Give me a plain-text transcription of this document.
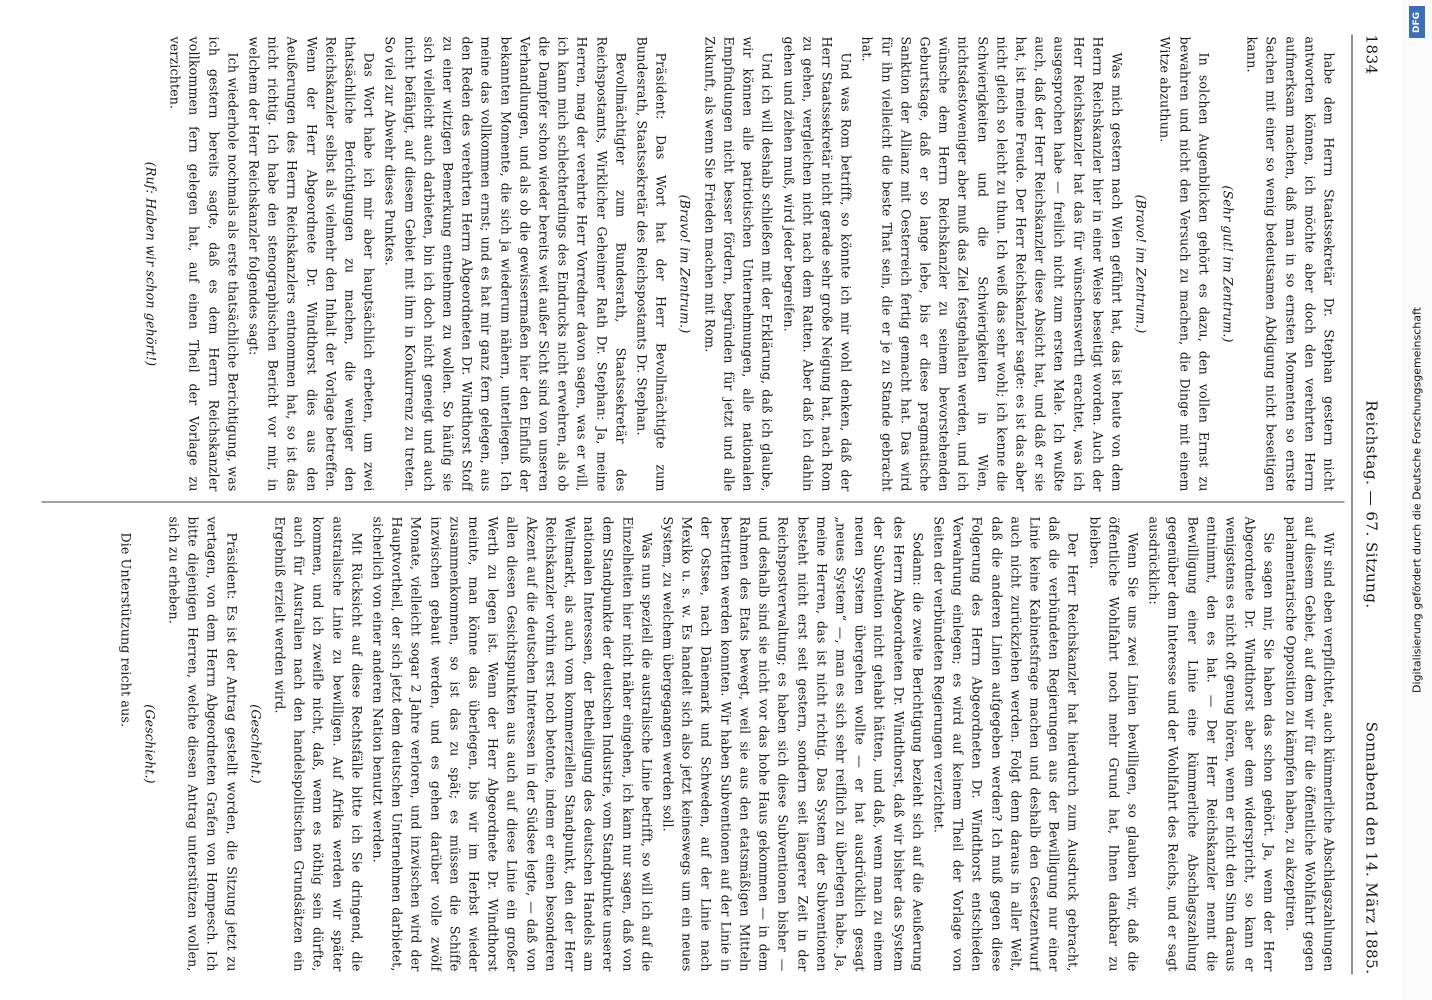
1834
Reichstag. — 67. Sitzung.
Sonnabend den 14. März 1885.

habe dem Herrn Staatssekretär Dr. Stephan gestern nicht antworten können, ich möchte aber doch den verehrten Herrn aufmerksam machen, daß man in so ernsten Momenten so ernste Sachen mit einer so wenig bedeutsamen Abdigung nicht beseitigen kann.

(Sehr gut! im Zentrum.)

In solchen Augenblicken gehört es dazu, den vollen Ernst zu bewahren und nicht den Versuch zu machen, die Dinge mit einem Witze abzuthun.

(Bravo! im Zentrum.)

Was mich gestern nach Wien geführt hat, das ist heute von dem Herrn Reichskanzler hier in einer Weise beseitigt worden. Auch der Herr Reichskanzler hat das für wünschenswerth erachtet, was ich ausgesprochen habe — freilich nicht zum ersten Male. Ich wußte auch, daß der Herr Reichskanzler diese Absicht hat, und daß er sie hat, ist meine Freude. Der Herr Reichskanzler sagte: es ist das aber nicht gleich so leicht zu thun. Ich weiß das sehr wohl; ich kenne die Schwierigkeiten und die Schwierigkeiten in Wien, nichtsdestoweniger aber muß das Ziel festgehalten werden, und ich wünsche dem Herrn Reichskanzler zu seinem bevorstehenden Geburtstage, daß er so lange lebe, bis er diese pragmatische Sanktion der Allianz mit Oesterreich fertig gemacht hat. Das wird für ihn vielleicht die beste That sein, die er je zu Stande gebracht hat.

Und was Rom betrifft, so könnte ich mir wohl denken, daß der Herr Staatssekretär nicht gerade sehr große Neigung hat, nach Rom zu gehen, vergleichen nicht nach dem Ratten. Aber daß ich dahin gehen und ziehen muß, wird jeder begreifen.

Und ich will deshalb schließen mit der Erklärung, daß ich glaube, wir können alle patriotischen Unternehmungen, alle nationalen Empfindungen nicht besser fördern, begründen für jetzt und alle Zukunft, als wenn Sie Frieden machen mit Rom.

(Bravo! im Zentrum.)

Präsident: Das Wort hat der Herr Bevollmächtigte zum Bundesrath, Staatssekretär des Reichspostamts Dr. Stephan.

Bevollmächtigter zum Bundesrath, Staatssekretär des Reichspostamts, Wirklicher Geheimer Rath Dr. Stephan: Ja, meine Herren, mag der verehrte Herr Vorredner davon sagen, was er will, ich kann mich schlechterdings des Eindrucks nicht erwehren, als ob die Dampfer schon wieder bereits weit außer Sicht sind von unseren Verhandlungen, und als ob die gewissermaßen hier den Einfluß der bekannten Momente, die sich ja wiederum nähern, unterliegen. Ich meine das vollkommen ernst; und es hat mir ganz fern gelegen, aus den Reden des verehrten Herrn Abgeordneten Dr. Windthorst Stoff zu einer witzigen Bemerkung entnehmen zu wollen. So häufig sie sich vielleicht auch darbieten, bin ich doch nicht geneigt und auch nicht befähigt, auf diesem Gebiet mit ihm in Konkurrenz zu treten. So viel zur Abwehr dieses Punktes.

Das Wort habe ich mir aber hauptsächlich erbeten, um zwei thatsächliche Berichtigungen zu machen, die weniger den Reichskanzler selbst als vielmehr den Inhalt der Vorlage betreffen. Wenn der Herr Abgeordnete Dr. Windthorst dies aus den Aeußerungen des Herrn Reichskanzlers entnommen hat, so ist das nicht richtig. Ich habe den stenographischen Bericht vor mir, in welchem der Herr Reichskanzler folgendes sagt:

Ich wiederhole nochmals als erste thatsächliche Berichtigung, was ich gestern bereits sagte, daß es dem Herrn Reichskanzler vollkommen fern gelegen hat, auf einen Theil der Vorlage zu verzichten.

(Ruf: Haben wir schon gehört!)

Wir sind eben verpflichtet, auch kümmerliche Abschlagszahlungen auf diesem Gebiet, auf dem wir für die öffentliche Wohlfahrt gegen parlamentarische Opposition zu kämpfen haben, zu akzeptiren.

Sie sagen mir, Sie haben das schon gehört. Ja, wenn der Herr Abgeordnete Dr. Windthorst aber dem widerspricht, so kann er wenigstens es nicht oft genug hören, wenn er nicht den Sinn daraus entnimmt, den es hat. — Der Herr Reichskanzler nennt die Bewilligung einer Linie eine kümmerliche Abschlagszahlung gegenüber dem Interesse und der Wohlfahrt des Reichs, und er sagt ausdrücklich:

Wenn Sie uns zwei Linien bewilligen, so glauben wir, daß die öffentliche Wohlfahrt noch mehr Grund hat, Ihnen dankbar zu bleiben.

Der Herr Reichskanzler hat hierdurch zum Ausdruck gebracht, daß die verbündeten Regierungen aus der Bewilligung nur einer Linie keine Kabinetsfrage machen und deshalb den Gesetzentwurf auch nicht zurückziehen werden. Folgt denn daraus in aller Welt, daß die anderen Linien aufgegeben werden? Ich muß gegen diese Folgerung des Herrn Abgeordneten Dr. Windthorst entschieden Verwahrung einlegen; es wird auf keinem Theil der Vorlage von Seiten der verbündeten Regierungen verzichtet.

Sodann: die zweite Berichtigung bezieht sich auf die Aeußerung des Herrn Abgeordneten Dr. Windthorst, daß wir bisher das System der Subvention nicht gehabt hätten, und daß, wenn man zu einem neuen System übergehen wollte — er hat ausdrücklich gesagt „neues System“ —, man es sich sehr reiflich zu überlegen habe. Ja, meine Herren, das ist nicht richtig. Das System der Subventionen besteht nicht erst seit gestern, sondern seit längerer Zeit in der Reichspostverwaltung; es haben sich diese Subventionen bisher — und deshalb sind sie nicht vor das hohe Haus gekommen — in dem Rahmen des Etats bewegt, weil sie aus den etatsmäßigen Mitteln bestritten werden konnten. Wir haben Subventionen auf der Linie in der Ostsee, nach Dänemark und Schweden, auf der Linie nach Mexiko u. s. w. Es handelt sich also jetzt keineswegs um ein neues System, zu welchem übergegangen werden soll.

Was nun speziell die australische Linie betrifft, so will ich auf die Einzelheiten hier nicht näher eingehen, ich kann nur sagen, daß von dem Standpunkte der deutschen Industrie, vom Standpunkte unserer nationalen Interessen, der Betheiligung des deutschen Handels am Weltmarkt, als auch vom kommerziellen Standpunkt, den der Herr Reichskanzler vorhin erst noch betonte, indem er einen besonderen Akzent auf die deutschen Interessen in der Südsee legte, — daß von allen diesen Gesichtspunkten aus auch auf diese Linie ein großer Werth zu legen ist. Wenn der Herr Abgeordnete Dr. Windthorst meinte, man könne das überlegen, bis wir im Herbst wieder zusammenkommen, so ist das zu spät; es müssen die Schiffe inzwischen gebaut werden, und es gehen darüber volle zwölf Monate, vielleicht sogar 2 Jahre verloren, und inzwischen wird der Hauptvortheil, der sich jetzt dem deutschen Unternehmen darbietet, sicherlich von einer anderen Nation benutzt werden.

Mit Rücksicht auf diese Rechtsfälle bitte ich Sie dringend, die australische Linie zu bewilligen. Auf Afrika werden wir später kommen, und ich zweifle nicht, daß, wenn es nöthig sein dürfte, auch für Australien nach den handelspolitischen Grundsätzen ein Ergebniß erzielt werden wird.

(Geschieht.)

Präsident: Es ist der Antrag gestellt worden, die Sitzung jetzt zu vertagen, von dem Herrn Abgeordneten Grafen von Hompesch. Ich bitte diejenigen Herren, welche diesen Antrag unterstützen wollen, sich zu erheben.

(Geschieht.)

Die Unterstützung reicht aus.

DFG
Digitalisierung gefördert durch die Deutsche Forschungsgemeinschaft
